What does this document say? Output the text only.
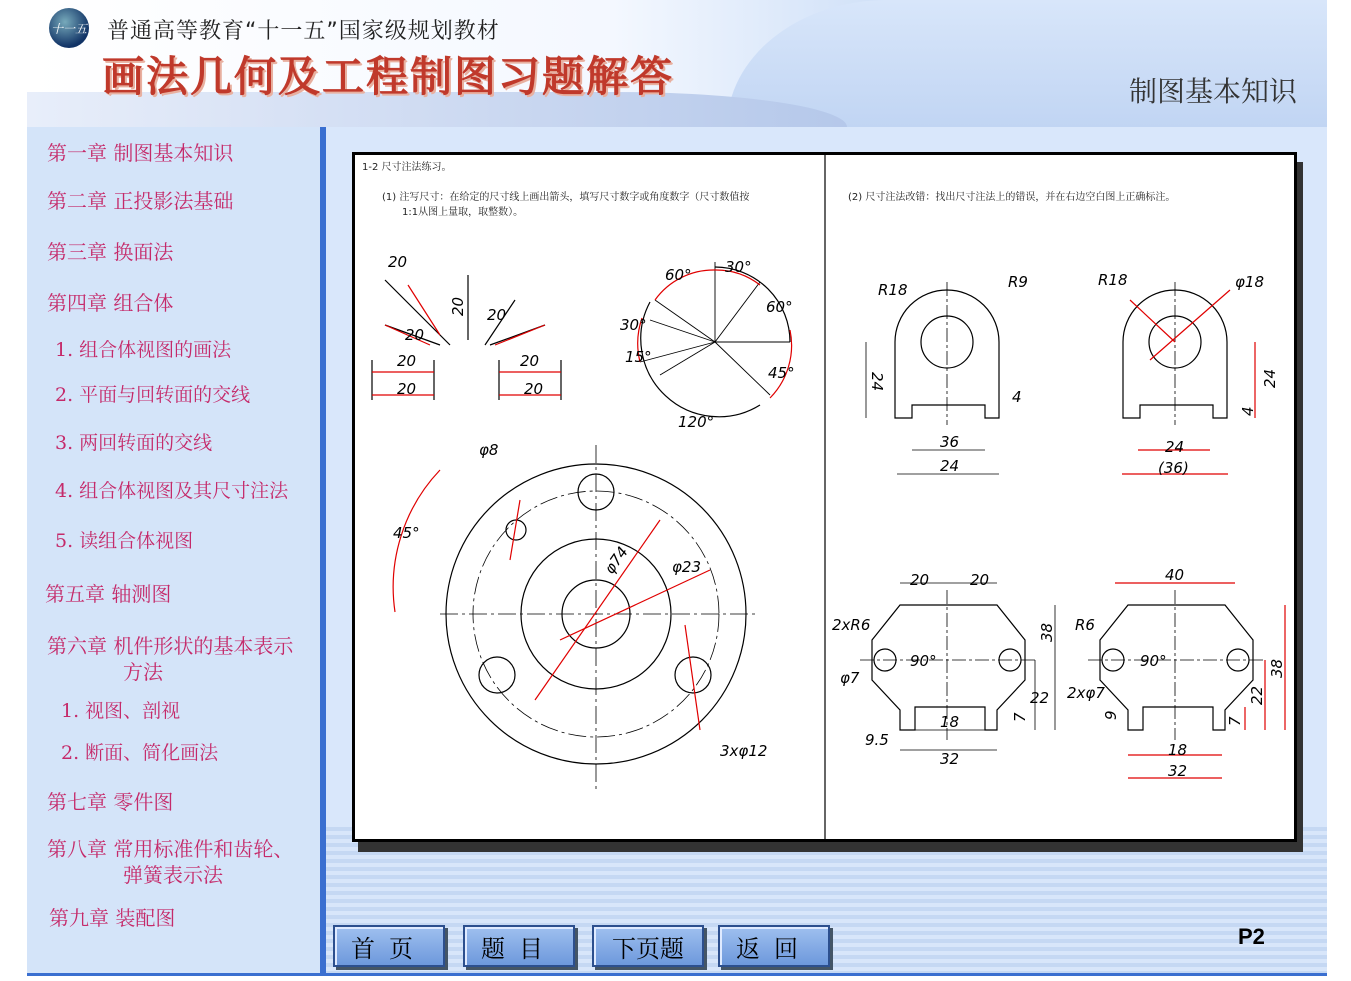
十一五 普通高等教育“十一五”国家级规划教材
画法几何及工程制图习题解答	制图基本知识
第一章 制图基本知识
第二章 正投影法基础
第三章 换面法
第四章 组合体
1. 组合体视图的画法
2. 平面与回转面的交线
3. 两回转面的交线
4. 组合体视图及其尺寸注法
5. 读组合体视图
第五章 轴测图
第六章 机件形状的基本表示
方法
1. 视图、剖视
2. 断面、简化画法
第七章 零件图
第八章 常用标准件和齿轮、
弹簧表示法
第九章 装配图
1-2 尺寸注法练习。
(1) 注写尺寸：在给定的尺寸线上画出箭头，填写尺寸数字或角度数字（尺寸数值按
1:1从图上量取，取整数）。
(2) 尺寸注法改错：找出尺寸注法上的错误，并在右边空白图上正确标注。
20
20
20
20
20
20
20
20
60° 30°
60°
30°
15°
45°
120°
φ8
45°
φ74	φ23
3xφ12
R18	R9
24
4
36
24
R18	φ18
24
4
24
(36)
20	20
2xR6
90°
φ7
38
22
7
18
9.5
32
40
R6
90°
2xφ7
9
7
22
38
18
32
首页	题目	下页题	返回	P2
